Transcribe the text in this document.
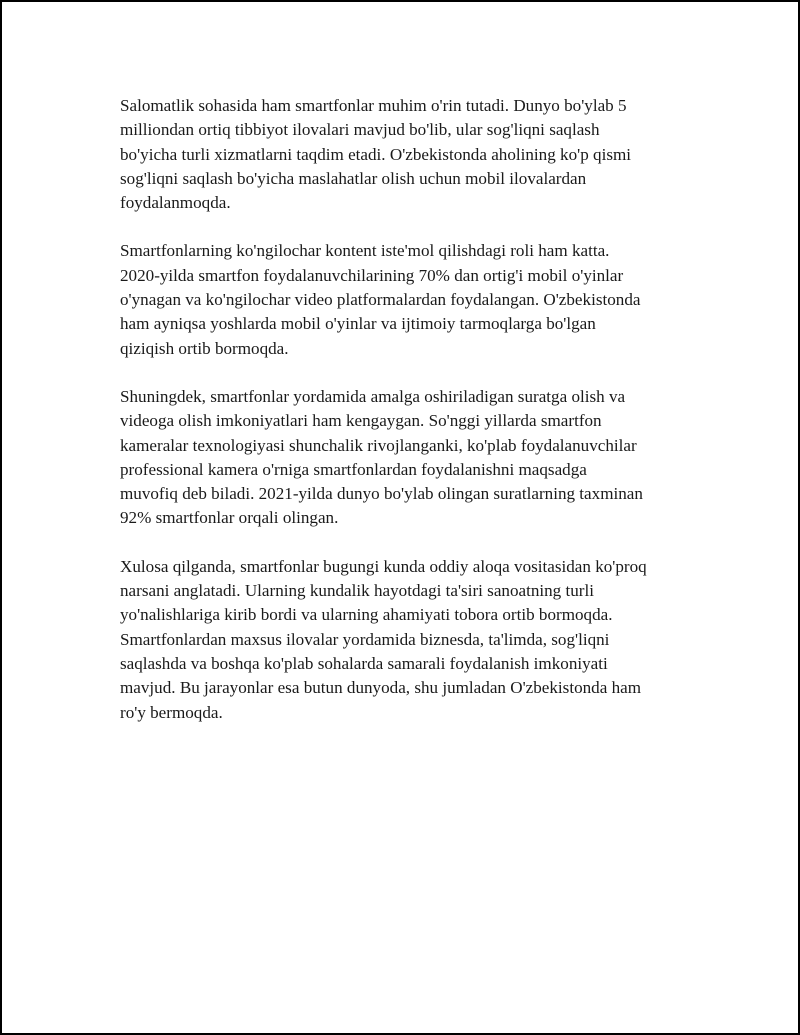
Salomatlik sohasida ham smartfonlar muhim o'rin tutadi. Dunyo bo'ylab 5
milliondan ortiq tibbiyot ilovalari mavjud bo'lib, ular sog'liqni saqlash
bo'yicha turli xizmatlarni taqdim etadi. O'zbekistonda aholining ko'p qismi
sog'liqni saqlash bo'yicha maslahatlar olish uchun mobil ilovalardan
foydalanmoqda.

Smartfonlarning ko'ngilochar kontent iste'mol qilishdagi roli ham katta.
2020-yilda smartfon foydalanuvchilarining 70% dan ortig'i mobil o'yinlar
o'ynagan va ko'ngilochar video platformalardan foydalangan. O'zbekistonda
ham ayniqsa yoshlarda mobil o'yinlar va ijtimoiy tarmoqlarga bo'lgan
qiziqish ortib bormoqda.

Shuningdek, smartfonlar yordamida amalga oshiriladigan suratga olish va
videoga olish imkoniyatlari ham kengaygan. So'nggi yillarda smartfon
kameralar texnologiyasi shunchalik rivojlanganki, ko'plab foydalanuvchilar
professional kamera o'rniga smartfonlardan foydalanishni maqsadga
muvofiq deb biladi. 2021-yilda dunyo bo'ylab olingan suratlarning taxminan
92% smartfonlar orqali olingan.

Xulosa qilganda, smartfonlar bugungi kunda oddiy aloqa vositasidan ko'proq
narsani anglatadi. Ularning kundalik hayotdagi ta'siri sanoatning turli
yo'nalishlariga kirib bordi va ularning ahamiyati tobora ortib bormoqda.
Smartfonlardan maxsus ilovalar yordamida biznesda, ta'limda, sog'liqni
saqlashda va boshqa ko'plab sohalarda samarali foydalanish imkoniyati
mavjud. Bu jarayonlar esa butun dunyoda, shu jumladan O'zbekistonda ham
ro'y bermoqda.
